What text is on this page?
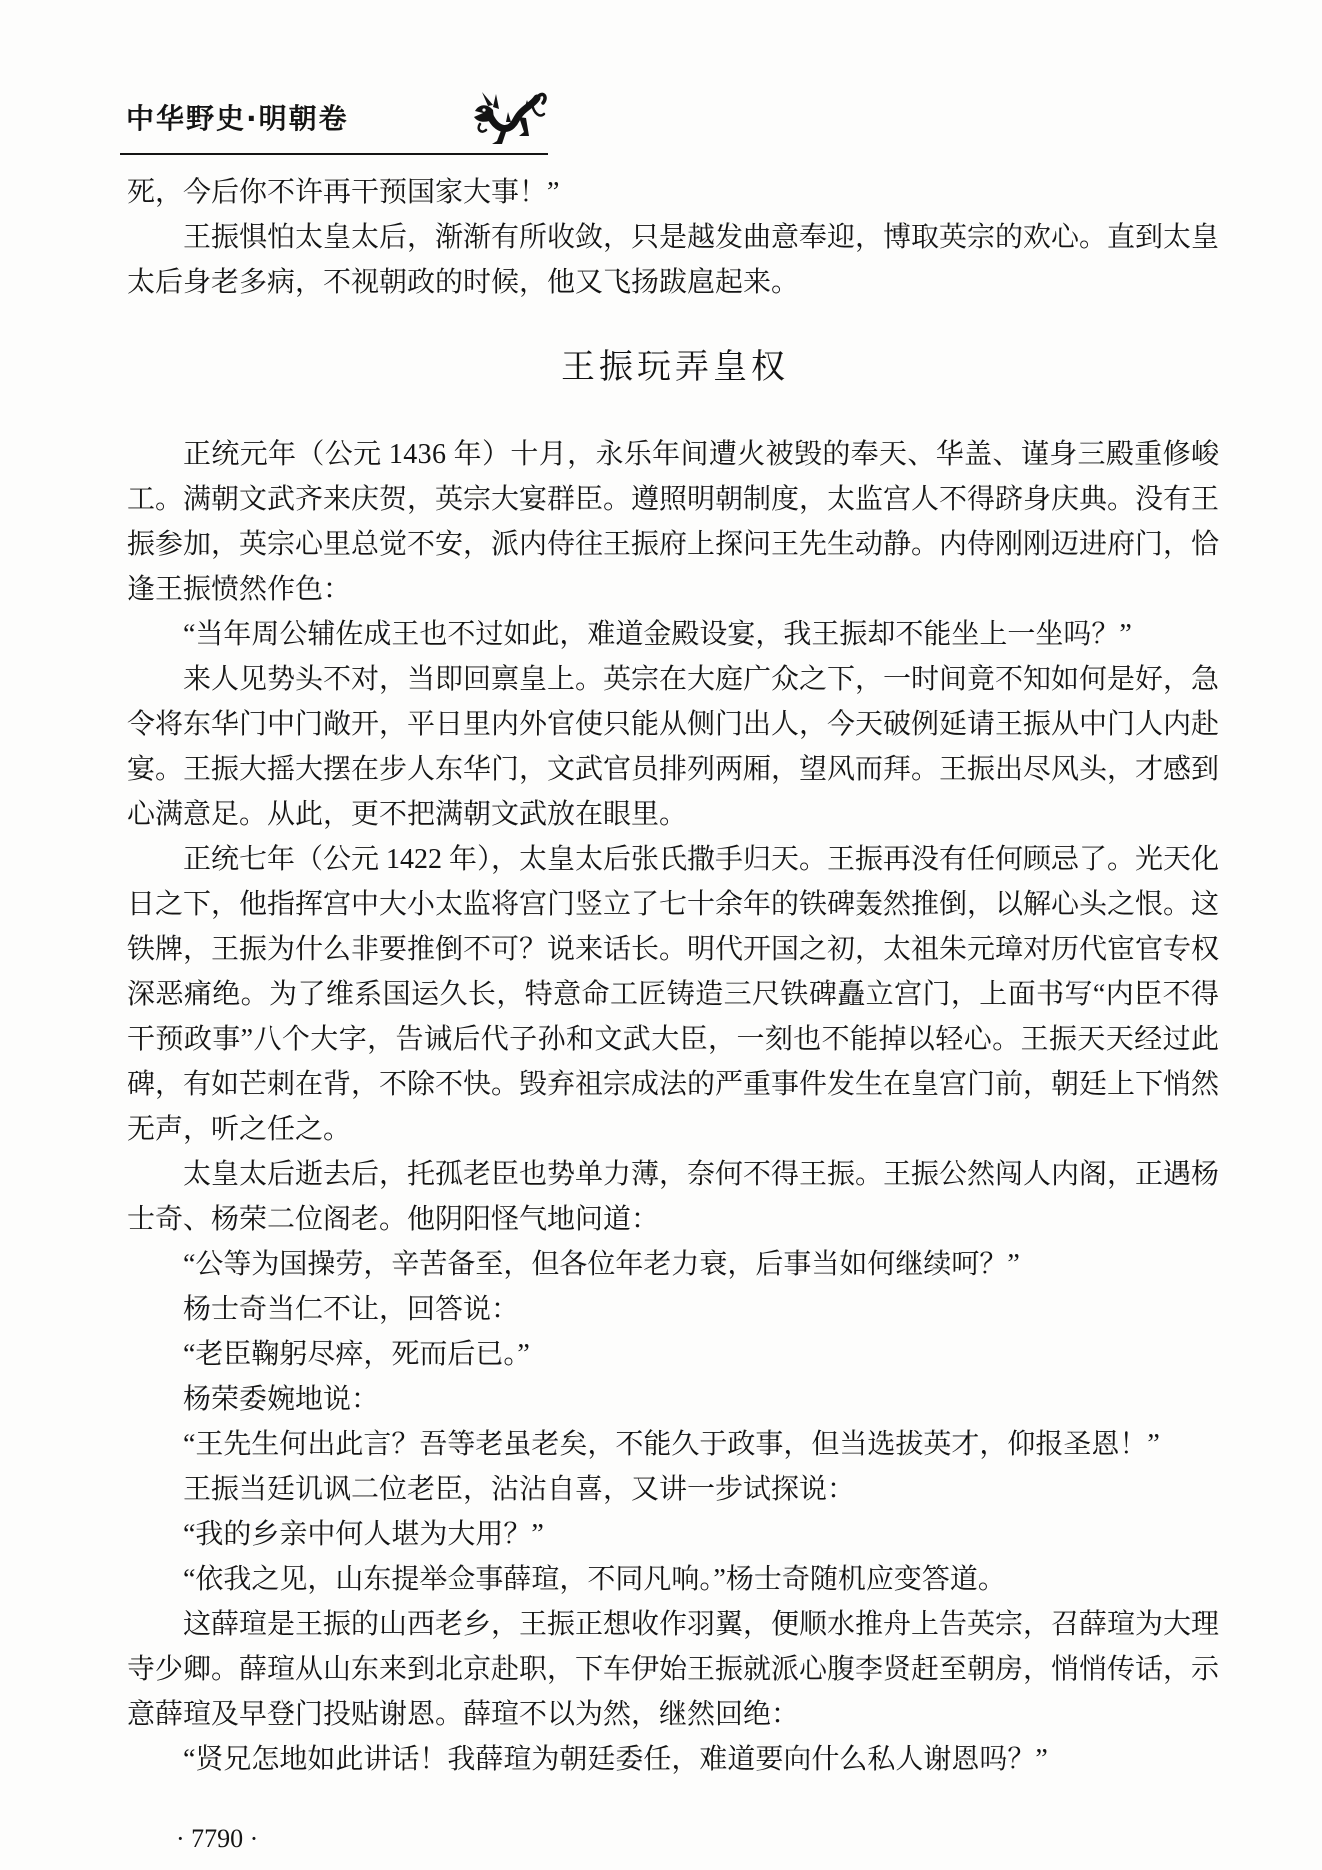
中华野史·明朝卷
死，今后你不许再干预国家大事！”
王振惧怕太皇太后，渐渐有所收敛，只是越发曲意奉迎，博取英宗的欢心。直到太皇
太后身老多病，不视朝政的时候，他又飞扬跋扈起来。
王振玩弄皇权
正统元年（公元 1436 年）十月，永乐年间遭火被毁的奉天、华盖、谨身三殿重修峻
工。满朝文武齐来庆贺，英宗大宴群臣。遵照明朝制度，太监宫人不得跻身庆典。没有王
振参加，英宗心里总觉不安，派内侍往王振府上探问王先生动静。内侍刚刚迈进府门，恰
逢王振愤然作色：
“当年周公辅佐成王也不过如此，难道金殿设宴，我王振却不能坐上一坐吗？”
来人见势头不对，当即回禀皇上。英宗在大庭广众之下，一时间竟不知如何是好，急
令将东华门中门敞开，平日里内外官使只能从侧门出人，今天破例延请王振从中门人内赴
宴。王振大摇大摆在步人东华门，文武官员排列两厢，望风而拜。王振出尽风头，才感到
心满意足。从此，更不把满朝文武放在眼里。
正统七年（公元 1422 年），太皇太后张氏撒手归天。王振再没有任何顾忌了。光天化
日之下，他指挥宫中大小太监将宫门竖立了七十余年的铁碑轰然推倒，以解心头之恨。这
铁牌，王振为什么非要推倒不可？说来话长。明代开国之初，太祖朱元璋对历代宦官专权
深恶痛绝。为了维系国运久长，特意命工匠铸造三尺铁碑矗立宫门，上面书写“内臣不得
干预政事”八个大字，告诫后代子孙和文武大臣，一刻也不能掉以轻心。王振天天经过此
碑，有如芒刺在背，不除不快。毁弃祖宗成法的严重事件发生在皇宫门前，朝廷上下悄然
无声，听之任之。
太皇太后逝去后，托孤老臣也势单力薄，奈何不得王振。王振公然闯人内阁，正遇杨
士奇、杨荣二位阁老。他阴阳怪气地问道：
“公等为国操劳，辛苦备至，但各位年老力衰，后事当如何继续呵？”
杨士奇当仁不让，回答说：
“老臣鞠躬尽瘁，死而后已。”
杨荣委婉地说：
“王先生何出此言？吾等老虽老矣，不能久于政事，但当选拔英才，仰报圣恩！”
王振当廷讥讽二位老臣，沾沾自喜，又讲一步试探说：
“我的乡亲中何人堪为大用？”
“依我之见，山东提举佥事薛瑄，不同凡响。”杨士奇随机应变答道。
这薛瑄是王振的山西老乡，王振正想收作羽翼，便顺水推舟上告英宗，召薛瑄为大理
寺少卿。薛瑄从山东来到北京赴职，下车伊始王振就派心腹李贤赶至朝房，悄悄传话，示
意薛瑄及早登门投贴谢恩。薛瑄不以为然，继然回绝：
“贤兄怎地如此讲话！我薛瑄为朝廷委任，难道要向什么私人谢恩吗？”
· 7790 ·
